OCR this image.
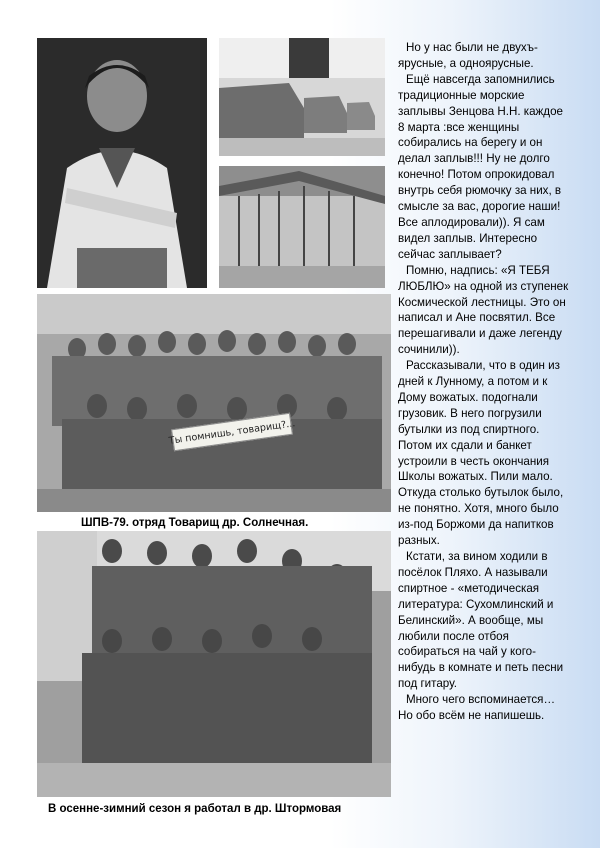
Ты помнишь, товарищ?...
ШПВ-79. отряд Товарищ др. Солнечная.
В осенне-зимний сезон я работал в др. Штормовая

Но у нас были не двухъ-ярусные, а одноярусные.

Ещё навсегда запомнились традиционные морские заплывы Зенцова Н.Н. каждое 8 марта :все женщины собирались на берегу и он делал заплыв!!! Ну не долго конечно! Потом опрокидовал внутрь себя рюмочку за них, в смысле за вас, дорогие наши! Все аплодировали)). Я сам видел заплыв. Интересно сейчас заплывает?

Помню, надпись: «Я ТЕБЯ ЛЮБЛЮ» на одной из ступенек Космической лестницы. Это он написал и Ане посвятил. Все перешагивали и даже легенду сочинили)).

Рассказывали, что в один из дней к Лунному, а потом и к Дому вожатых. подогнали грузовик. В него погрузили бутылки из под спиртного. Потом их сдали и банкет устроили в честь окончания Школы вожатых. Пили мало. Откуда столько бутылок было, не понятно. Хотя, много было из-под Боржоми да напитков разных.

Кстати, за вином ходили в посёлок Пляхо. А называли спиртное - «методическая литература: Сухомлинский и Белинский». А вообще, мы любили после отбоя собираться на чай у кого-нибудь в комнате и петь песни под гитару.

Много чего вспоминается… Но обо всём не напишешь.
